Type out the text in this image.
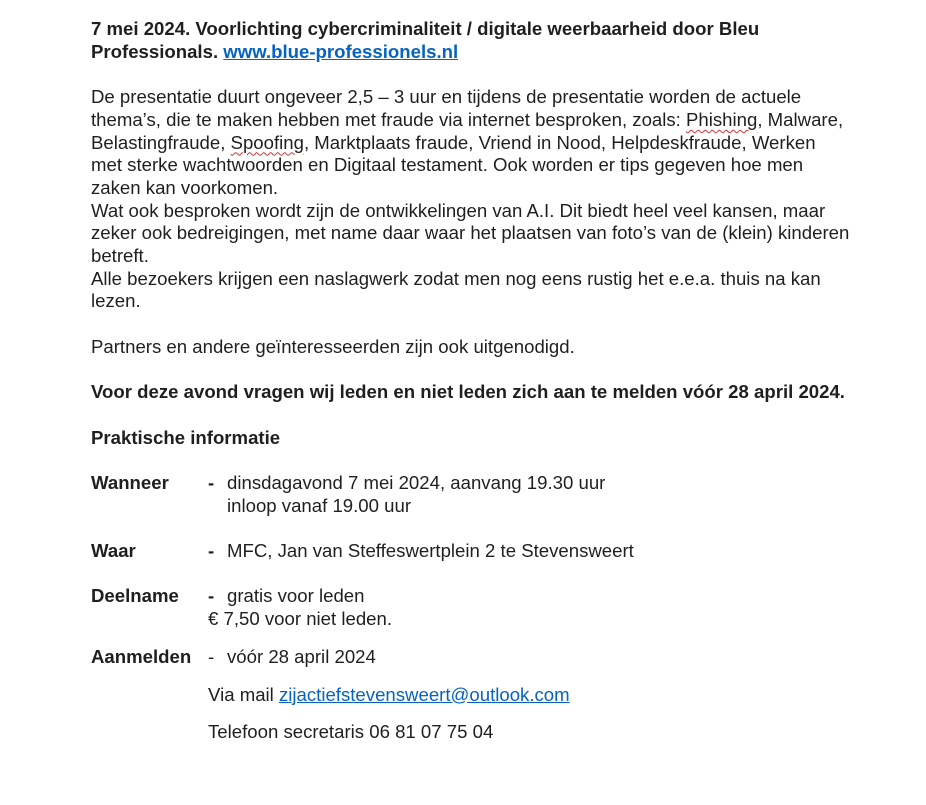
7 mei 2024. Voorlichting cybercriminaliteit / digitale weerbaarheid door Bleu Professionals. www.blue-professionels.nl

De presentatie duurt ongeveer 2,5 – 3 uur en tijdens de presentatie worden de actuele thema’s, die te maken hebben met fraude via internet besproken, zoals: Phishing, Malware, Belastingfraude, Spoofing, Marktplaats fraude, Vriend in Nood, Helpdeskfraude, Werken met sterke wachtwoorden en Digitaal testament. Ook worden er tips gegeven hoe men zaken kan voorkomen.

Wat ook besproken wordt zijn de ontwikkelingen van A.I. Dit biedt heel veel kansen, maar zeker ook bedreigingen, met name daar waar het plaatsen van foto’s van de (klein) kinderen betreft.

Alle bezoekers krijgen een naslagwerk zodat men nog eens rustig het e.e.a. thuis na kan lezen.

Partners en andere geïnteresseerden zijn ook uitgenodigd.

Voor deze avond vragen wij leden en niet leden zich aan te melden vóór 28 april 2024.

Praktische informatie

Wanneer - dinsdagavond 7 mei 2024, aanvang 19.30 uur
inloop vanaf 19.00 uur
Waar	- MFC, Jan van Steffeswertplein 2 te Stevensweert
Deelname - gratis voor leden
€ 7,50 voor niet leden.
Aanmelden - vóór 28 april 2024

Via mail zijactiefstevensweert@outlook.com

Telefoon secretaris 06 81 07 75 04
